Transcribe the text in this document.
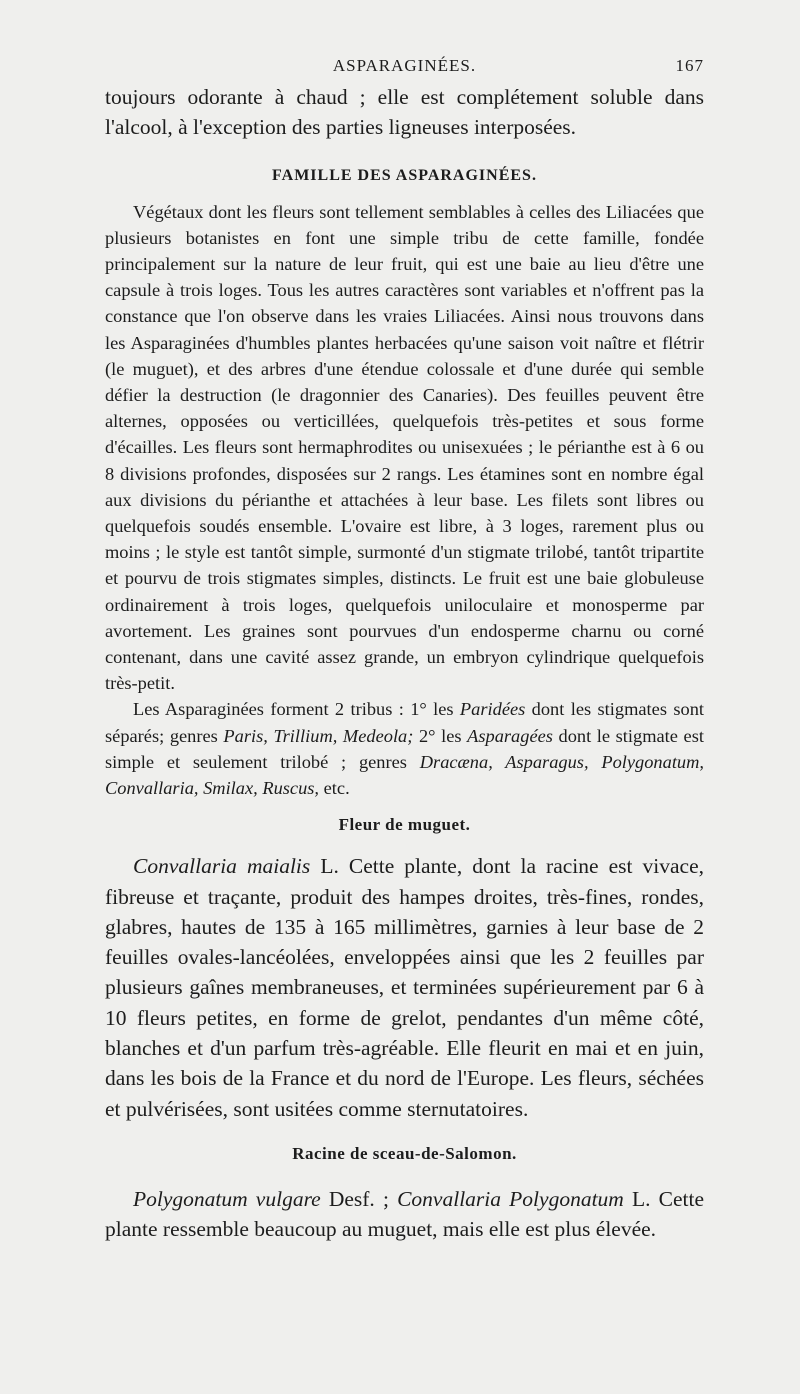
ASPARAGINÉES.	167

toujours odorante à chaud ; elle est complétement soluble dans l'alcool, à l'exception des parties ligneuses interposées.

FAMILLE DES ASPARAGINÉES.

Végétaux dont les fleurs sont tellement semblables à celles des Liliacées que plusieurs botanistes en font une simple tribu de cette famille, fondée principalement sur la nature de leur fruit, qui est une baie au lieu d'être une capsule à trois loges. Tous les autres caractères sont variables et n'offrent pas la constance que l'on observe dans les vraies Liliacées. Ainsi nous trouvons dans les Asparaginées d'humbles plantes herbacées qu'une saison voit naître et flétrir (le muguet), et des arbres d'une étendue colossale et d'une durée qui semble défier la destruction (le dragonnier des Canaries). Des feuilles peuvent être alternes, opposées ou verticillées, quelquefois très-petites et sous forme d'écailles. Les fleurs sont hermaphrodites ou unisexuées ; le périanthe est à 6 ou 8 divisions profondes, disposées sur 2 rangs. Les étamines sont en nombre égal aux divisions du périanthe et attachées à leur base. Les filets sont libres ou quelquefois soudés ensemble. L'ovaire est libre, à 3 loges, rarement plus ou moins ; le style est tantôt simple, surmonté d'un stigmate trilobé, tantôt tripartite et pourvu de trois stigmates simples, distincts. Le fruit est une baie globuleuse ordinairement à trois loges, quelquefois uniloculaire et monosperme par avortement. Les graines sont pourvues d'un endosperme charnu ou corné contenant, dans une cavité assez grande, un embryon cylindrique quelquefois très-petit.

Les Asparaginées forment 2 tribus : 1° les Paridées dont les stigmates sont séparés; genres Paris, Trillium, Medeola; 2° les Asparagées dont le stigmate est simple et seulement trilobé ; genres Dracæna, Asparagus, Polygonatum, Convallaria, Smilax, Ruscus, etc.

Fleur de muguet.

Convallaria maialis L. Cette plante, dont la racine est vivace, fibreuse et traçante, produit des hampes droites, très-fines, rondes, glabres, hautes de 135 à 165 millimètres, garnies à leur base de 2 feuilles ovales-lancéolées, enveloppées ainsi que les 2 feuilles par plusieurs gaînes membraneuses, et terminées supérieurement par 6 à 10 fleurs petites, en forme de grelot, pendantes d'un même côté, blanches et d'un parfum très-agréable. Elle fleurit en mai et en juin, dans les bois de la France et du nord de l'Europe. Les fleurs, séchées et pulvérisées, sont usitées comme sternutatoires.

Racine de sceau-de-Salomon.

Polygonatum vulgare Desf. ; Convallaria Polygonatum L. Cette plante ressemble beaucoup au muguet, mais elle est plus élevée.
